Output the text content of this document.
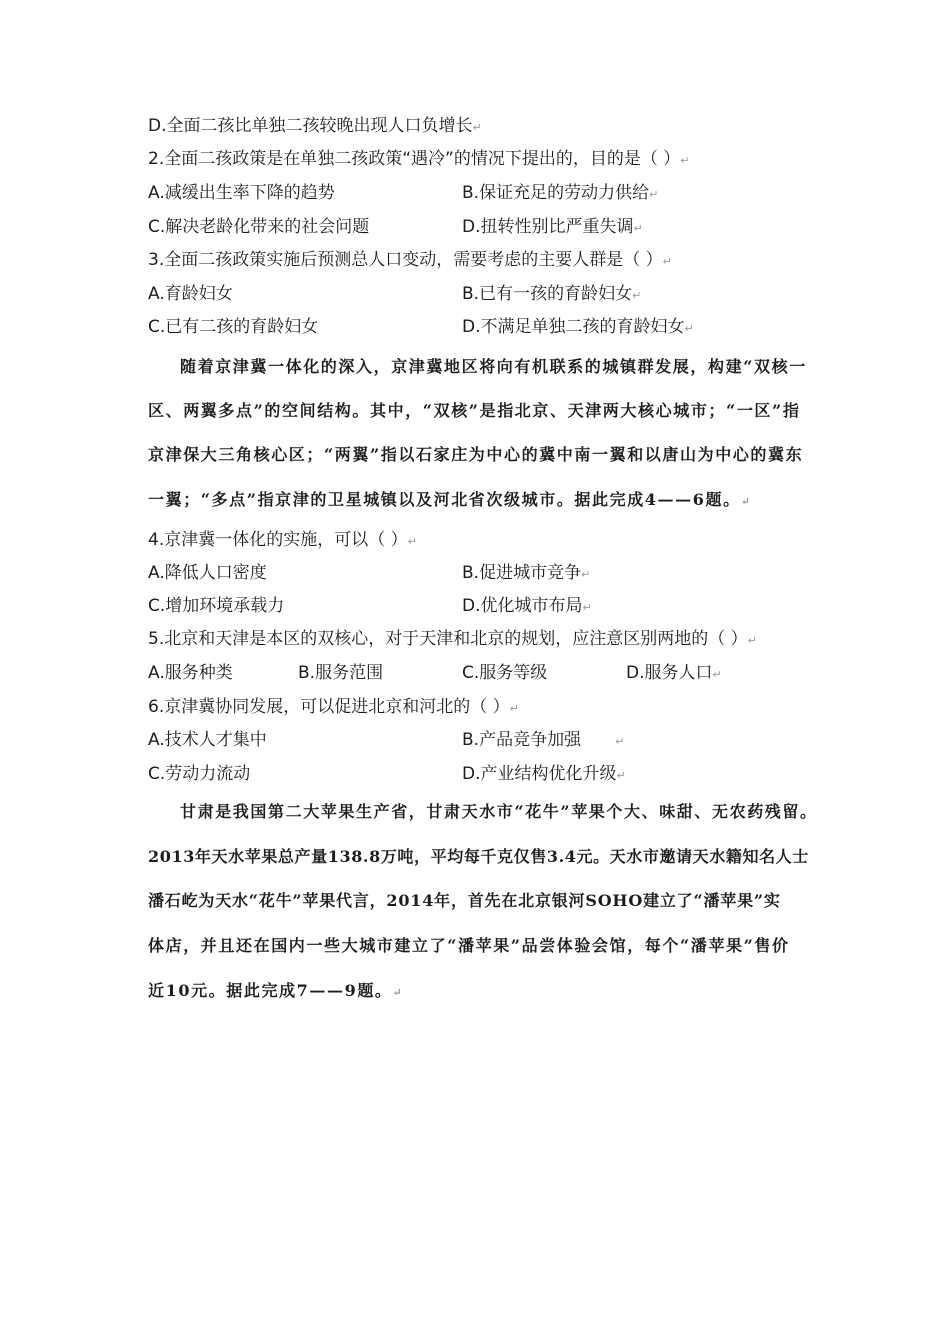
D.全面二孩比单独二孩较晚出现人口负增长↵
2.全面二孩政策是在单独二孩政策“遇冷”的情况下提出的，目的是（ ）↵
A.减缓出生率下降的趋势	B.保证充足的劳动力供给↵
C.解决老龄化带来的社会问题	D.扭转性别比严重失调↵
3.全面二孩政策实施后预测总人口变动，需要考虑的主要人群是（ ）↵
A.育龄妇女	B.已有一孩的育龄妇女↵
C.已有二孩的育龄妇女	D.不满足单独二孩的育龄妇女↵
随着京津冀一体化的深入，京津冀地区将向有机联系的城镇群发展，构建“双核一
区、两翼多点”的空间结构。其中，“双核”是指北京、天津两大核心城市；“一区”指
京津保大三角核心区；“两翼”指以石家庄为中心的冀中南一翼和以唐山为中心的冀东
一翼；“多点”指京津的卫星城镇以及河北省次级城市。据此完成4——6题。↵
4.京津冀一体化的实施，可以（ ）↵
A.降低人口密度	B.促进城市竞争↵
C.增加环境承载力	D.优化城市布局↵
5.北京和天津是本区的双核心，对于天津和北京的规划，应注意区别两地的（ ）↵
A.服务种类	B.服务范围	C.服务等级	D.服务人口↵
6.京津冀协同发展，可以促进北京和河北的（ ）↵
A.技术人才集中	B.产品竞争加强	↵
C.劳动力流动	D.产业结构优化升级↵
甘肃是我国第二大苹果生产省，甘肃天水市“花牛”苹果个大、味甜、无农药残留。
2013年天水苹果总产量138.8万吨，平均每千克仅售3.4元。天水市邀请天水籍知名人士
潘石屹为天水“花牛”苹果代言，2014年，首先在北京银河SOHO建立了“潘苹果”实
体店，并且还在国内一些大城市建立了“潘苹果”品尝体验会馆，每个“潘苹果”售价
近10元。据此完成7——9题。↵
